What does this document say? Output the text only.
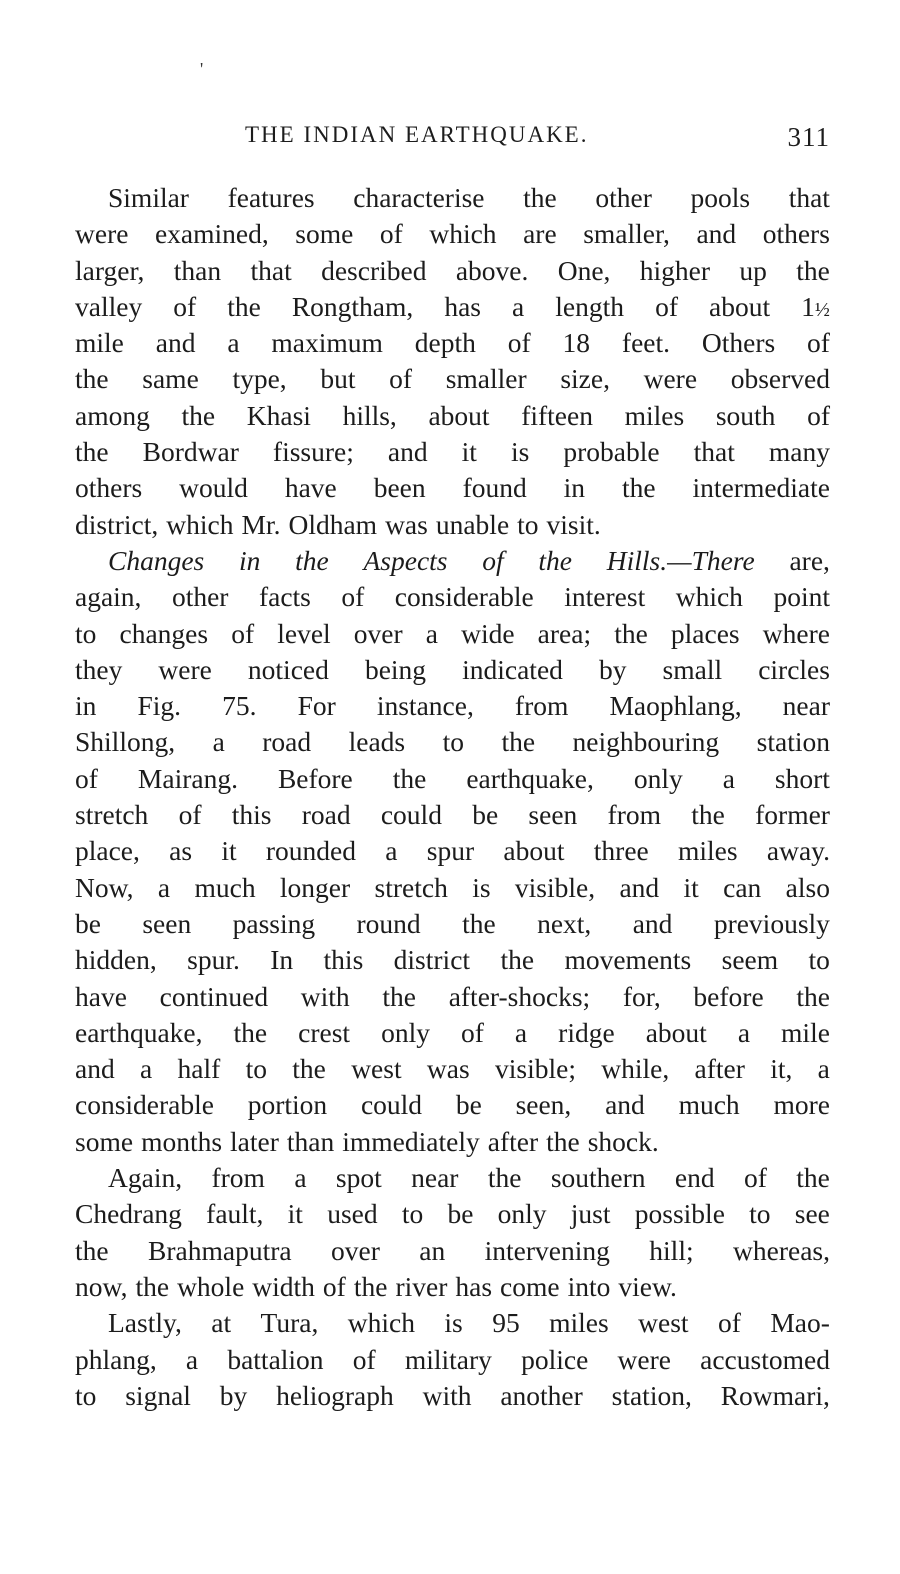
'
THE INDIAN EARTHQUAKE.	311
Similar features characterise the other pools that
were examined, some of which are smaller, and others
larger, than that described above. One, higher up the
valley of the Rongtham, has a length of about 1½
mile and a maximum depth of 18 feet. Others of
the same type, but of smaller size, were observed
among the Khasi hills, about fifteen miles south of
the Bordwar fissure; and it is probable that many
others would have been found in the intermediate
district, which Mr. Oldham was unable to visit.
Changes in the Aspects of the Hills.—There are,
again, other facts of considerable interest which point
to changes of level over a wide area; the places where
they were noticed being indicated by small circles
in Fig. 75. For instance, from Maophlang, near
Shillong, a road leads to the neighbouring station
of Mairang. Before the earthquake, only a short
stretch of this road could be seen from the former
place, as it rounded a spur about three miles away.
Now, a much longer stretch is visible, and it can also
be seen passing round the next, and previously
hidden, spur. In this district the movements seem to
have continued with the after-shocks; for, before the
earthquake, the crest only of a ridge about a mile
and a half to the west was visible; while, after it, a
considerable portion could be seen, and much more
some months later than immediately after the shock.
Again, from a spot near the southern end of the
Chedrang fault, it used to be only just possible to see
the Brahmaputra over an intervening hill; whereas,
now, the whole width of the river has come into view.
Lastly, at Tura, which is 95 miles west of Mao-
phlang, a battalion of military police were accustomed
to signal by heliograph with another station, Rowmari,
